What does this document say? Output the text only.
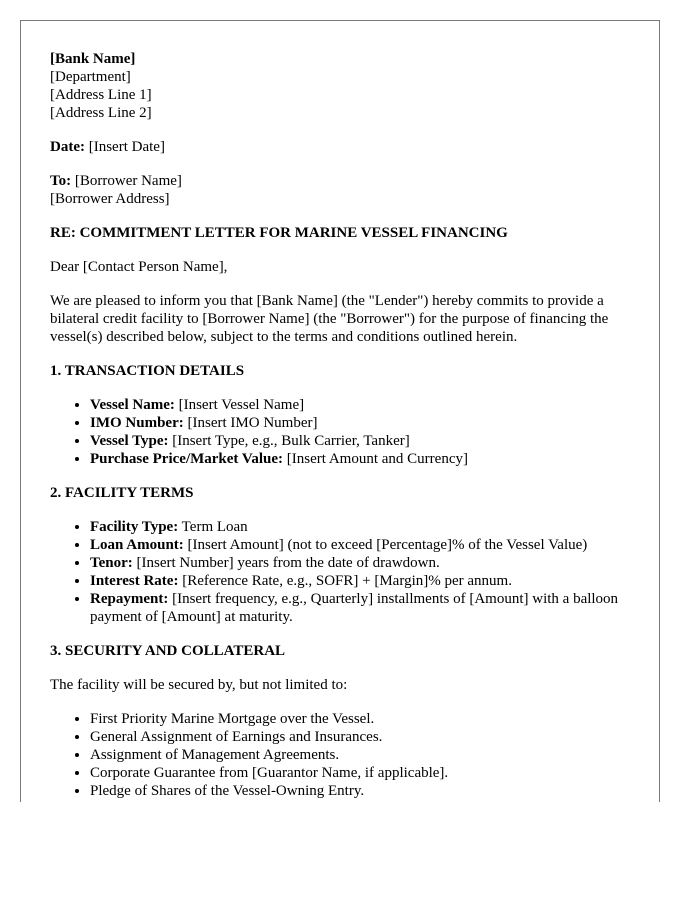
[Bank Name]

[Department]

[Address Line 1]

[Address Line 2]

Date: [Insert Date]

To: [Borrower Name]

[Borrower Address]

RE: COMMITMENT LETTER FOR MARINE VESSEL FINANCING

Dear [Contact Person Name],

We are pleased to inform you that [Bank Name] (the "Lender") hereby commits to provide a bilateral credit facility to [Borrower Name] (the "Borrower") for the purpose of financing the vessel(s) described below, subject to the terms and conditions outlined herein.

1. TRANSACTION DETAILS

• Vessel Name: [Insert Vessel Name]
• IMO Number: [Insert IMO Number]
• Vessel Type: [Insert Type, e.g., Bulk Carrier, Tanker]
• Purchase Price/Market Value: [Insert Amount and Currency]

2. FACILITY TERMS

• Facility Type: Term Loan
• Loan Amount: [Insert Amount] (not to exceed [Percentage]% of the Vessel Value)
• Tenor: [Insert Number] years from the date of drawdown.
• Interest Rate: [Reference Rate, e.g., SOFR] + [Margin]% per annum.
• Repayment: [Insert frequency, e.g., Quarterly] installments of [Amount] with a balloon payment of [Amount] at maturity.

3. SECURITY AND COLLATERAL

The facility will be secured by, but not limited to:

• First Priority Marine Mortgage over the Vessel.
• General Assignment of Earnings and Insurances.
• Assignment of Management Agreements.
• Corporate Guarantee from [Guarantor Name, if applicable].
• Pledge of Shares of the Vessel-Owning Entry.
